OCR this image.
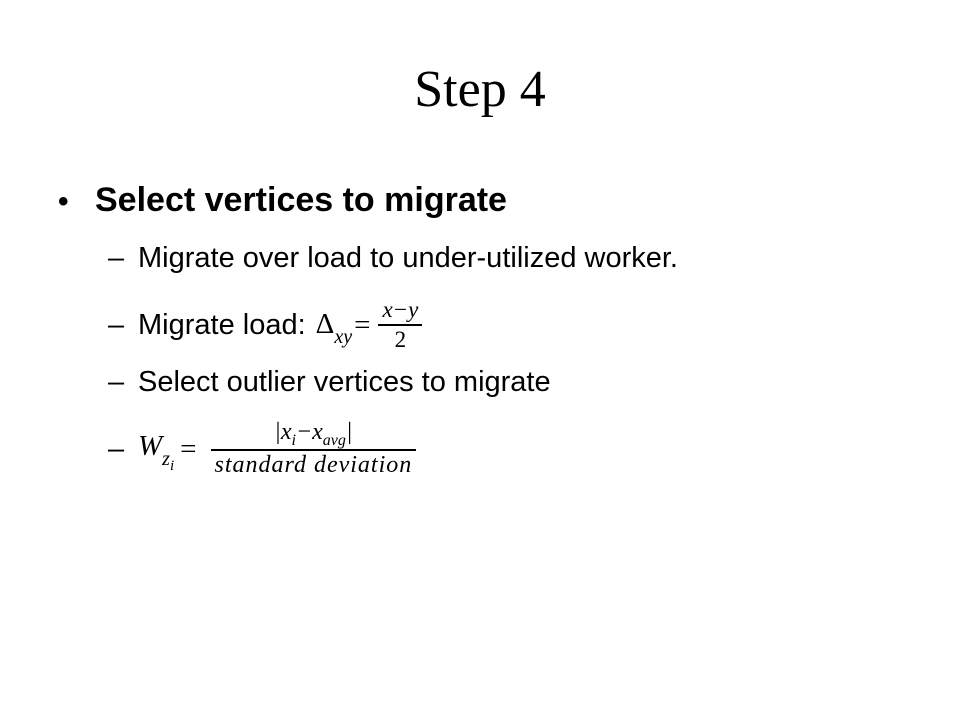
Step 4
• Select vertices to migrate
– Migrate over load to under-utilized worker.
– Migrate load: $\Delta_{xy} = \frac{x-y}{2}$
– Select outlier vertices to migrate
– $W_{z_i}$
= $\frac{|x_i-x_{avg}|}{\text{standard deviation}}$
